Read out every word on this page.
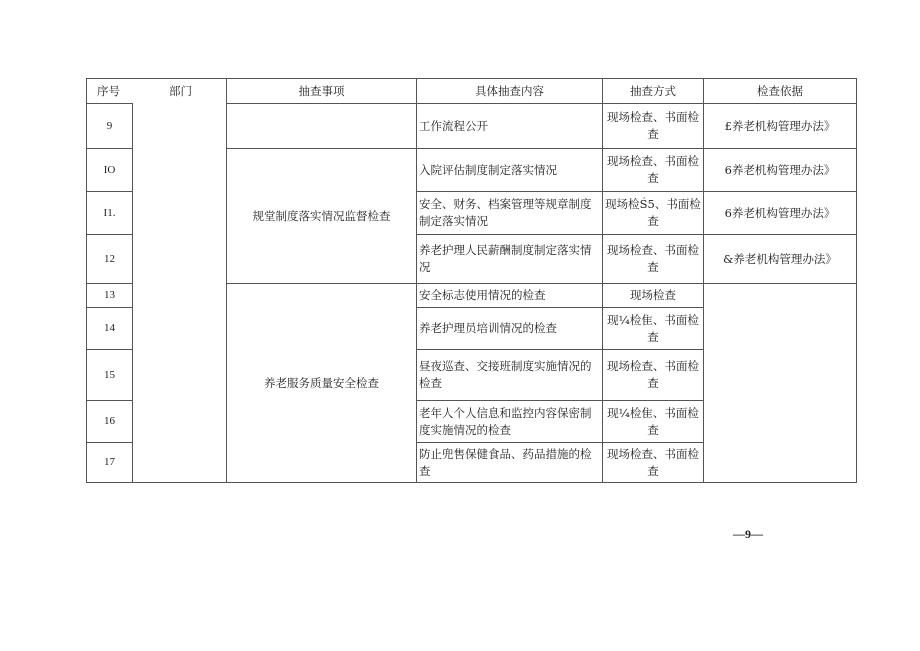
序号 部门		抽查事项	具体抽查内容	抽查方式	检查依据
9			工作流程公开	现场检查、书面检查	£养老机构管理办法》
IO		规堂制度落实情况监督检查	入院评估制度制定落实情况	现场检查、书面检查	6养老机构管理办法》
I1.			安全、财务、档案管理等规章制度制定落实情况	现场检Ś5、书面检查	6养老机构管理办法》
12			养老护理人民薪酬制度制定落实情况	现场检查、书面检查	&养老机构管理办法》
13		养老服务质量安全检查	安全标志使用情况的检查	现场检查	
14			养老护理员培训情况的检查	现¼检隹、书面检查	
15			昼夜巡查、交接班制度实施情况的检查	现场检查、书面检查	
16			老年人个人信息和监控内容保密制度实施情况的检查	现¼检隹、书面检查	
17			防止兜售保健食品、药品措施的检查	现场检查、书面检查	
—9—
